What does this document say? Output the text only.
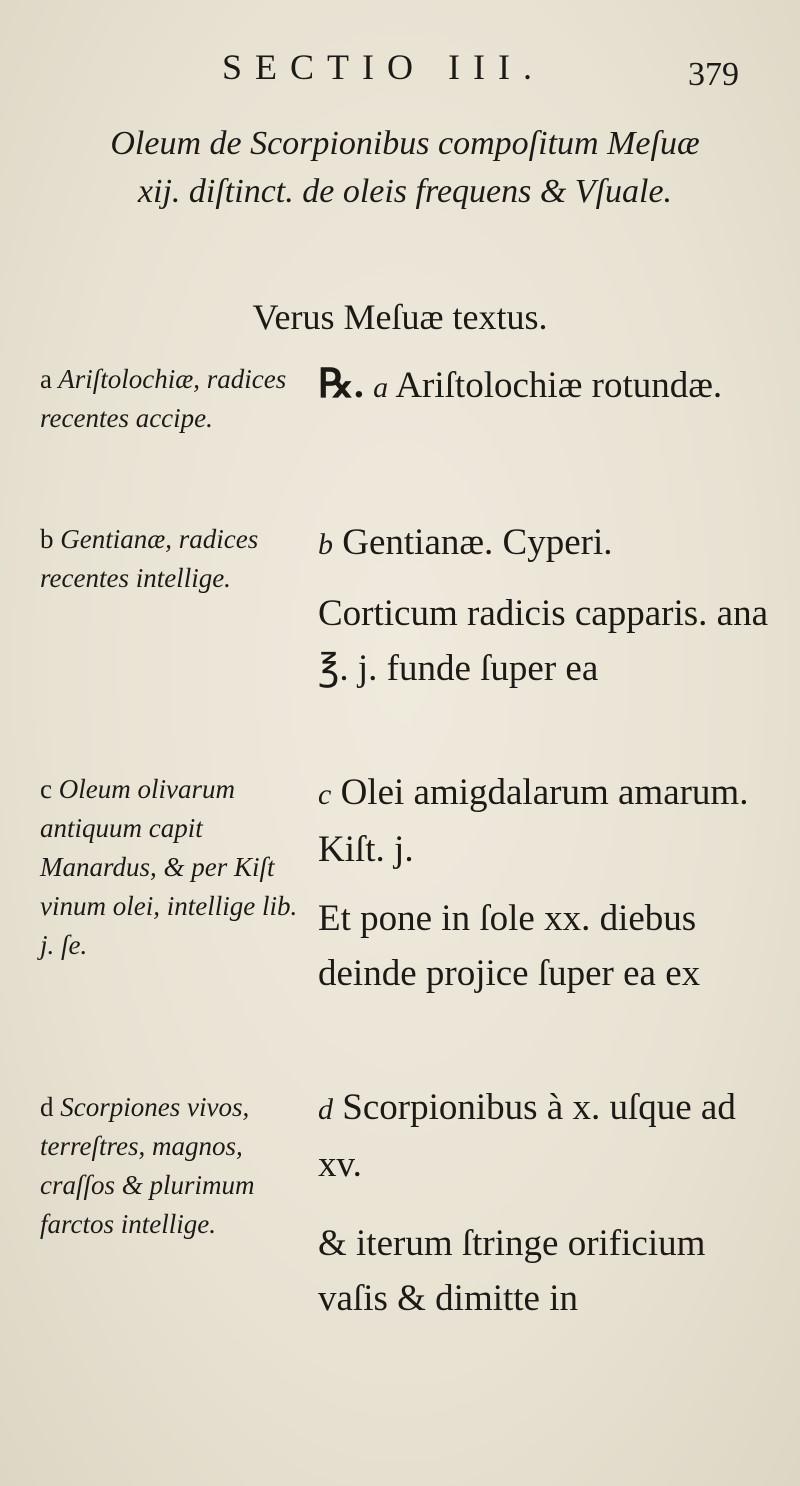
SECTIO III.	379
Oleum de Scorpionibus compoſitum Meſuæ
xij. diſtinct. de oleis frequens & Vſuale.
Verus Meſuæ textus.
a Ariſtolochiæ, radices recentes accipe.
b Gentianæ, radices recentes intellige.
c Oleum olivarum antiquum capit Manardus, & per Kiſt vinum olei, intellige lib. j. ſe.
d Scorpiones vivos, terreſtres, magnos, craſſos & plurimum farctos intellige.
℞. a Ariſtolochiæ rotundæ.
b Gentianæ. Cyperi.
Corticum radicis capparis. ana ℥. j. funde ſuper ea
c Olei amigdalarum amarum. Kiſt. j.
Et pone in ſole xx. diebus deinde projice ſuper ea ex
d Scorpionibus à x. uſque ad xv.
& iterum ſtringe orificium vaſis & dimitte in
